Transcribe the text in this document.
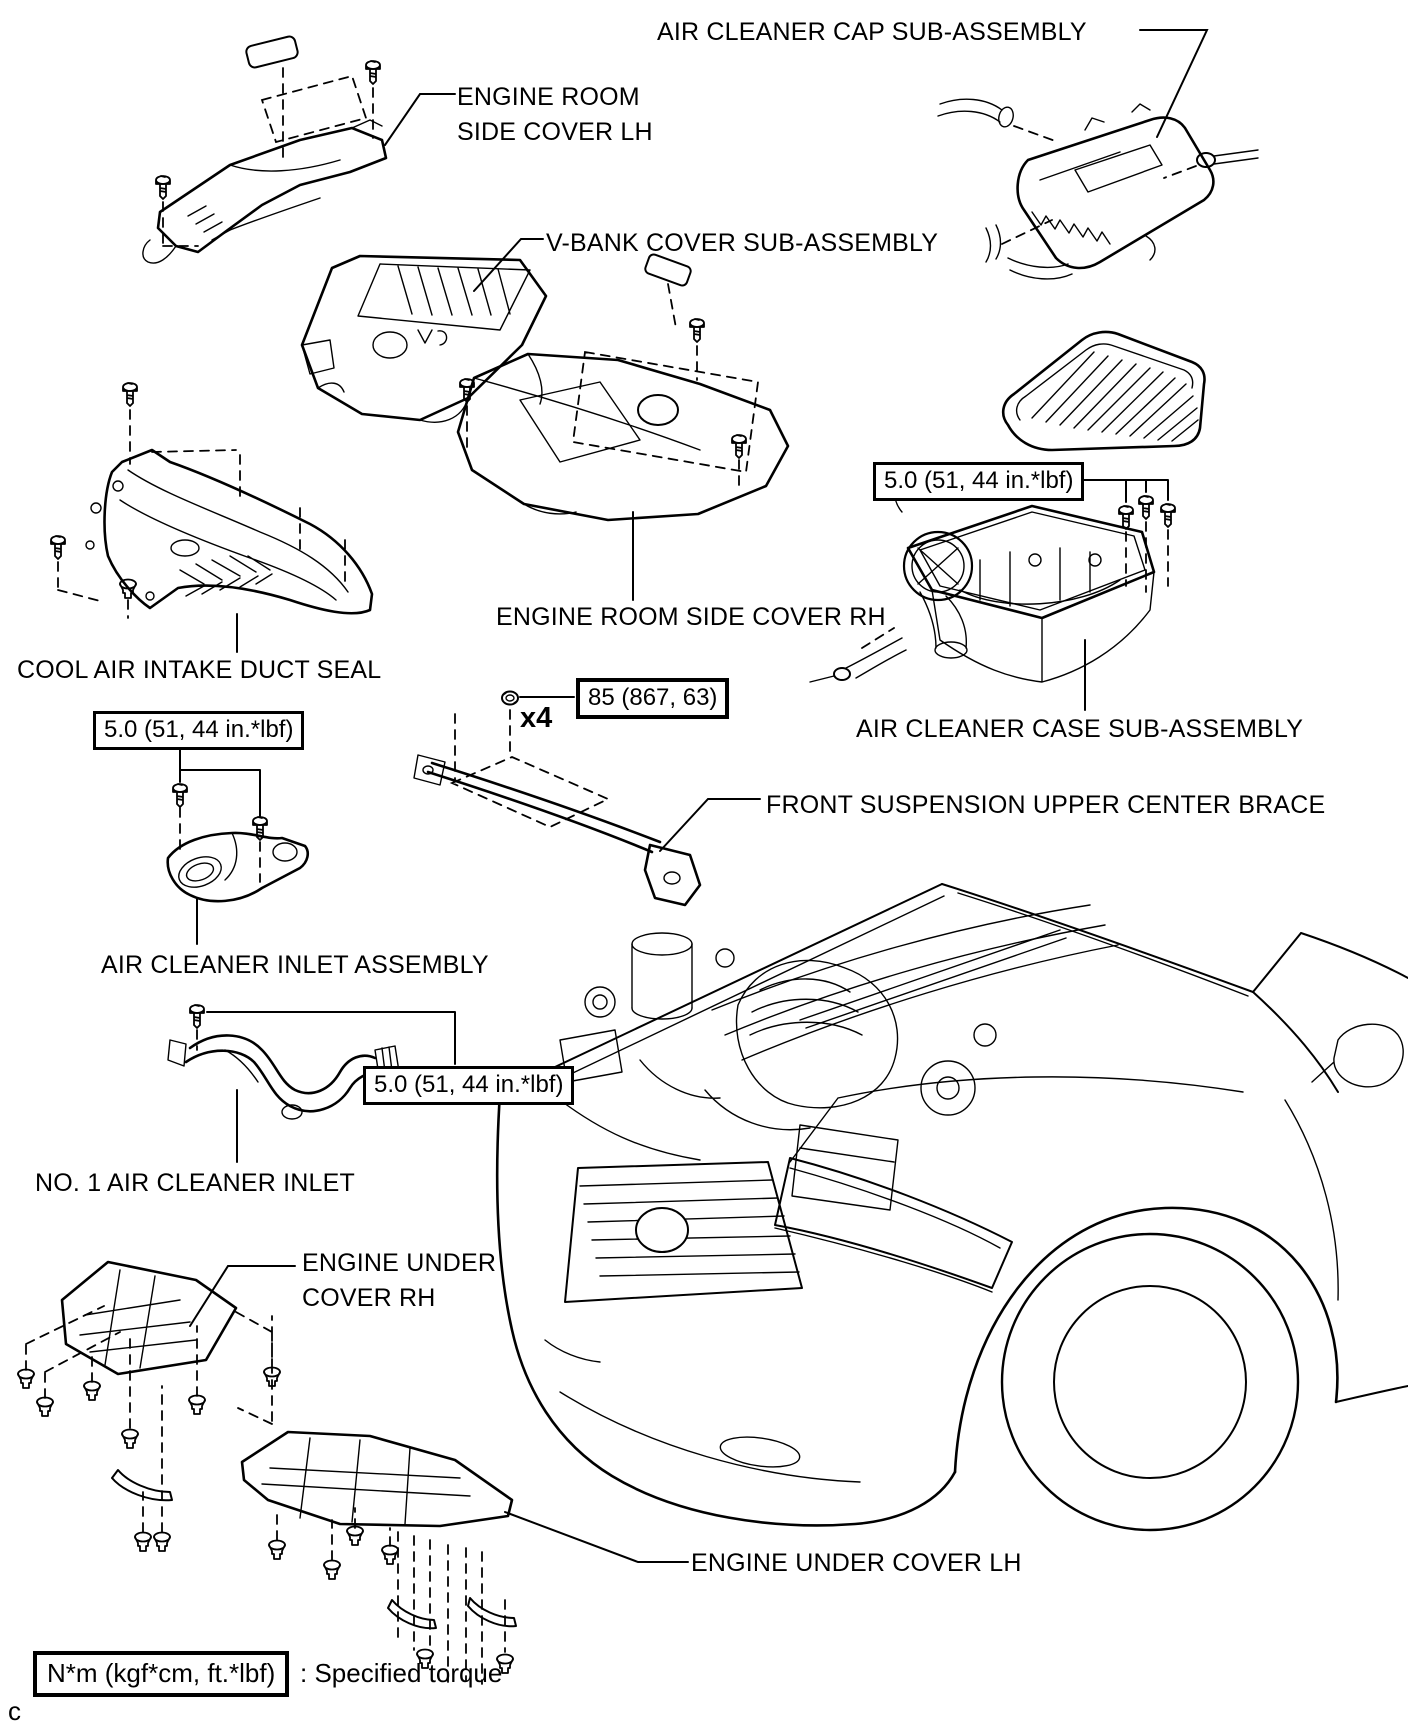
AIR CLEANER CAP SUB-ASSEMBLY
ENGINE ROOM
SIDE COVER LH
V-BANK COVER SUB-ASSEMBLY
ENGINE ROOM SIDE COVER RH
COOL AIR INTAKE DUCT SEAL
AIR CLEANER CASE SUB-ASSEMBLY
FRONT SUSPENSION UPPER CENTER BRACE
AIR CLEANER INLET ASSEMBLY
NO. 1 AIR CLEANER INLET
ENGINE UNDER
COVER RH
ENGINE UNDER COVER LH
5.0 (51, 44 in.*lbf)
5.0 (51, 44 in.*lbf)
5.0 (51, 44 in.*lbf)
85 (867, 63)
x4
N*m (kgf*cm, ft.*lbf) : Specified torque
c
